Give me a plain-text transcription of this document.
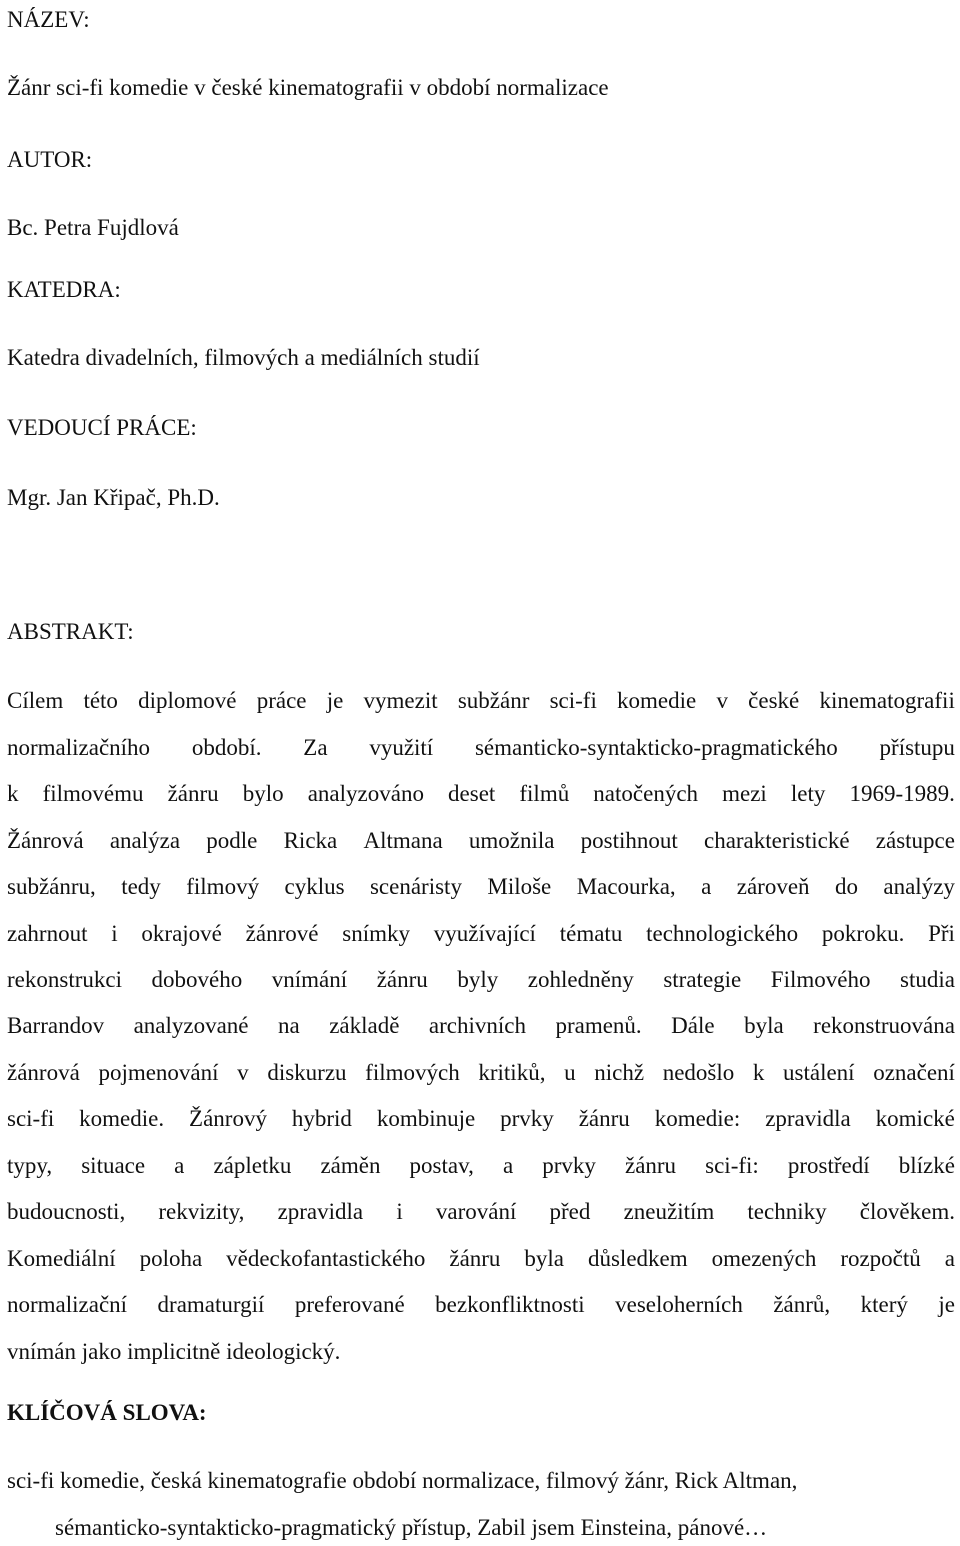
NÁZEV:
Žánr sci-fi komedie v české kinematografii v období normalizace
AUTOR:
Bc. Petra Fujdlová
KATEDRA:
Katedra divadelních, filmových a mediálních studií
VEDOUCÍ PRÁCE:
Mgr. Jan Křipač, Ph.D.
ABSTRAKT:
Cílem této diplomové práce je vymezit subžánr sci-fi komedie v české kinematografii
normalizačního období. Za využití sémanticko-syntakticko-pragmatického přístupu
k filmovému žánru bylo analyzováno deset filmů natočených mezi lety 1969-1989.
Žánrová analýza podle Ricka Altmana umožnila postihnout charakteristické zástupce
subžánru, tedy filmový cyklus scenáristy Miloše Macourka, a zároveň do analýzy
zahrnout i okrajové žánrové snímky využívající tématu technologického pokroku. Při
rekonstrukci dobového vnímání žánru byly zohledněny strategie Filmového studia
Barrandov analyzované na základě archivních pramenů. Dále byla rekonstruována
žánrová pojmenování v diskurzu filmových kritiků, u nichž nedošlo k ustálení označení
sci-fi komedie. Žánrový hybrid kombinuje prvky žánru komedie: zpravidla komické
typy, situace a zápletku záměn postav, a prvky žánru sci-fi: prostředí blízké
budoucnosti, rekvizity, zpravidla i varování před zneužitím techniky člověkem.
Komediální poloha vědeckofantastického žánru byla důsledkem omezených rozpočtů a
normalizační dramaturgií preferované bezkonfliktnosti veseloherních žánrů, který je
vnímán jako implicitně ideologický.
KLÍČOVÁ SLOVA:
sci-fi komedie, česká kinematografie období normalizace, filmový žánr, Rick Altman,
sémanticko-syntakticko-pragmatický přístup, Zabil jsem Einsteina, pánové…
